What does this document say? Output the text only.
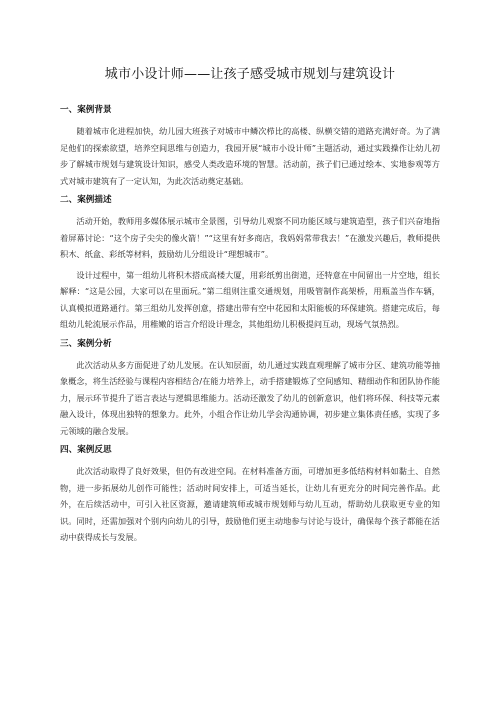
城市小设计师——让孩子感受城市规划与建筑设计
一、案例背景

随着城市化进程加快，幼儿园大班孩子对城市中鳞次栉比的高楼、纵横交错的道路充满好奇。为了满足他们的探索欲望，培养空间思维与创造力，我园开展“城市小设计师”主题活动，通过实践操作让幼儿初步了解城市规划与建筑设计知识，感受人类改造环境的智慧。活动前，孩子们已通过绘本、实地参观等方式对城市建筑有了一定认知，为此次活动奠定基础。

二、案例描述

活动开始，教师用多媒体展示城市全景图，引导幼儿观察不同功能区域与建筑造型，孩子们兴奋地指着屏幕讨论：“这个房子尖尖的像火箭！”“这里有好多商店，我妈妈常带我去！”在激发兴趣后，教师提供积木、纸盒、彩纸等材料，鼓励幼儿分组设计“理想城市”。

设计过程中，第一组幼儿将积木搭成高楼大厦，用彩纸剪出街道，还特意在中间留出一片空地，组长解释：“这是公园，大家可以在里面玩。”第二组则注重交通规划，用吸管制作高架桥，用瓶盖当作车辆，认真模拟道路通行。第三组幼儿发挥创意，搭建出带有空中花园和太阳能板的环保建筑。搭建完成后，每组幼儿轮流展示作品，用稚嫩的语言介绍设计理念，其他组幼儿积极提问互动，现场气氛热烈。

三、案例分析

此次活动从多方面促进了幼儿发展。在认知层面，幼儿通过实践直观理解了城市分区、建筑功能等抽象概念，将生活经验与课程内容相结合/在能力培养上，动手搭建锻炼了空间感知、精细动作和团队协作能力，展示环节提升了语言表达与逻辑思维能力。活动还激发了幼儿的创新意识，他们将环保、科技等元素融入设计，体现出独特的想象力。此外，小组合作让幼儿学会沟通协调，初步建立集体责任感，实现了多元领域的融合发展。

四、案例反思

此次活动取得了良好效果，但仍有改进空间。在材料准备方面，可增加更多低结构材料如黏土、自然物，进一步拓展幼儿创作可能性；活动时间安排上，可适当延长，让幼儿有更充分的时间完善作品。此外，在后续活动中，可引入社区资源，邀请建筑师或城市规划师与幼儿互动，帮助幼儿获取更专业的知识。同时，还需加强对个别内向幼儿的引导，鼓励他们更主动地参与讨论与设计，确保每个孩子都能在活动中获得成长与发展。
